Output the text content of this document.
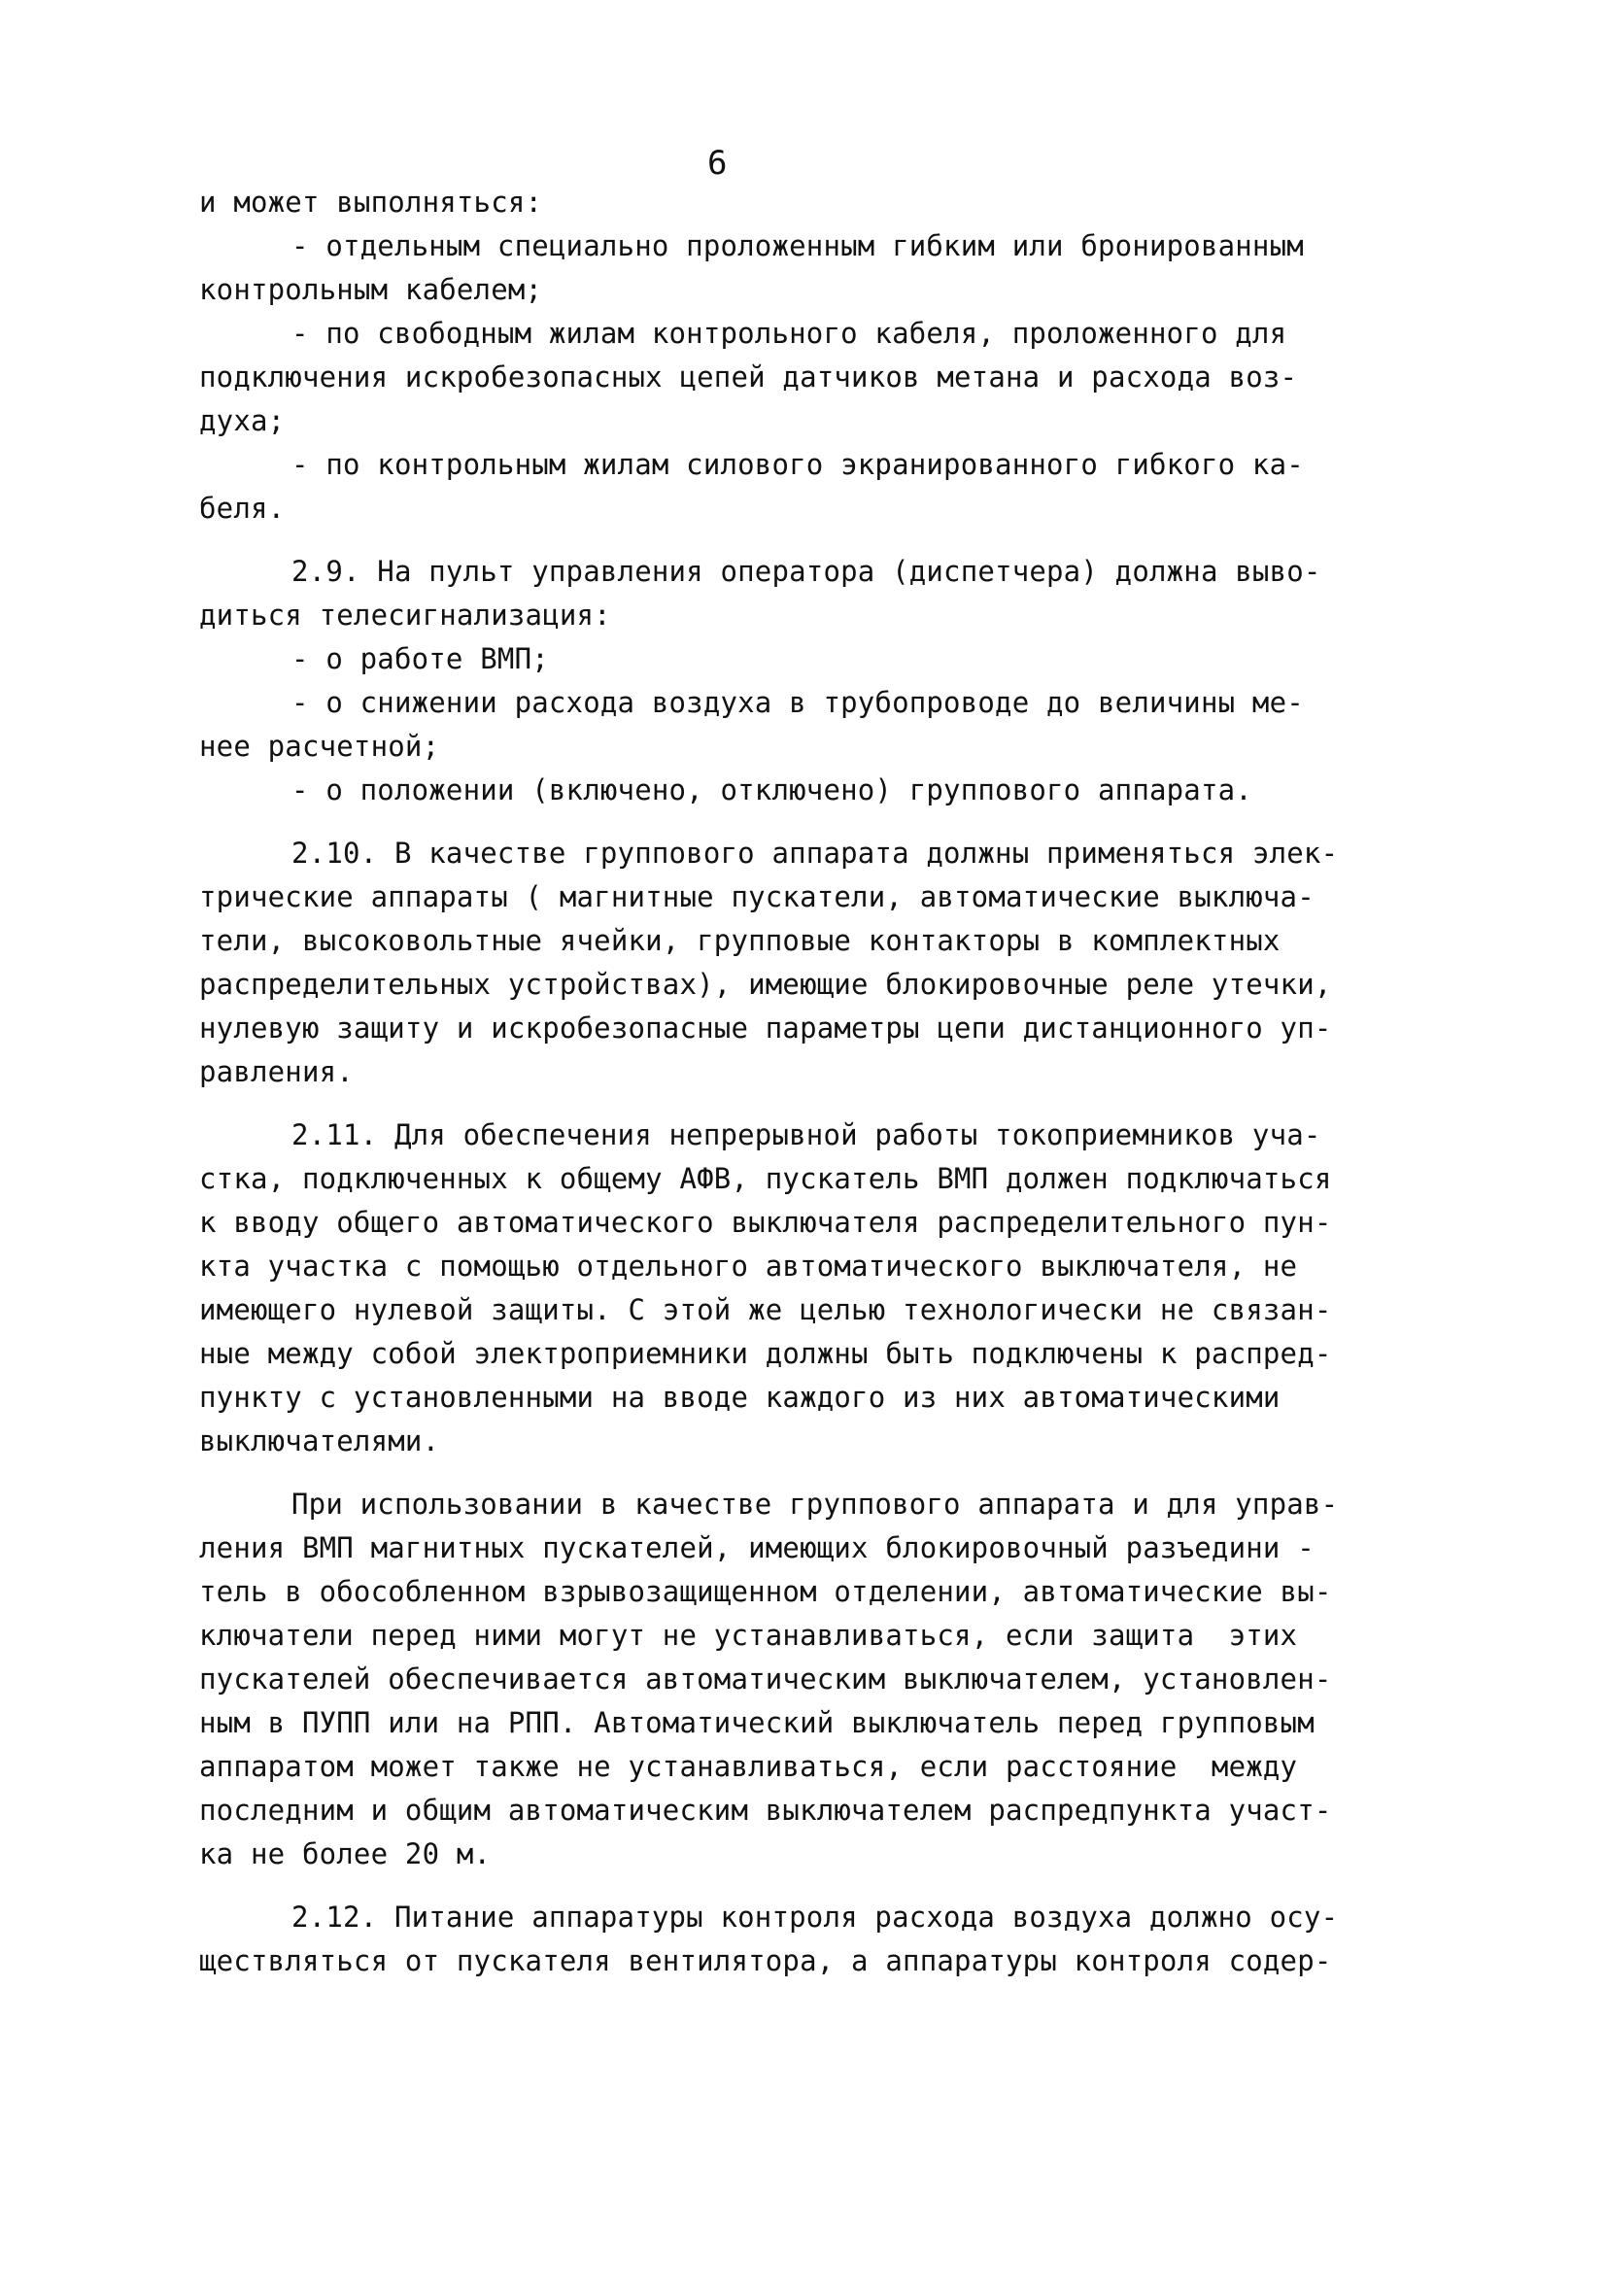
6
и может выполняться:
- отдельным специально проложенным гибким или бронированным
контрольным кабелем;
- по свободным жилам контрольного кабеля, проложенного для
подключения искробезопасных цепей датчиков метана и расхода воз-
духа;
- по контрольным жилам силового экранированного гибкого ка-
беля.
2.9. На пульт управления оператора (диспетчера) должна выво-
диться телесигнализация:
- о работе ВМП;
- о снижении расхода воздуха в трубопроводе до величины ме-
нее расчетной;
- о положении (включено, отключено) группового аппарата.
2.10. В качестве группового аппарата должны применяться элек-
трические аппараты ( магнитные пускатели, автоматические выключа-
тели, высоковольтные ячейки, групповые контакторы в комплектных
распределительных устройствах), имеющие блокировочные реле утечки,
нулевую защиту и искробезопасные параметры цепи дистанционного уп-
равления.
2.11. Для обеспечения непрерывной работы токоприемников уча-
стка, подключенных к общему АФВ, пускатель ВМП должен подключаться
к вводу общего автоматического выключателя распределительного пун-
кта участка с помощью отдельного автоматического выключателя, не
имеющего нулевой защиты. С этой же целью технологически не связан-
ные между собой электроприемники должны быть подключены к распред-
пункту с установленными на вводе каждого из них автоматическими
выключателями.
При использовании в качестве группового аппарата и для управ-
ления ВМП магнитных пускателей, имеющих блокировочный разъедини -
тель в обособленном взрывозащищенном отделении, автоматические вы-
ключатели перед ними могут не устанавливаться, если защита  этих
пускателей обеспечивается автоматическим выключателем, установлен-
ным в ПУПП или на РПП. Автоматический выключатель перед групповым
аппаратом может также не устанавливаться, если расстояние  между
последним и общим автоматическим выключателем распредпункта участ-
ка не более 20 м.
2.12. Питание аппаратуры контроля расхода воздуха должно осу-
ществляться от пускателя вентилятора, а аппаратуры контроля содер-
